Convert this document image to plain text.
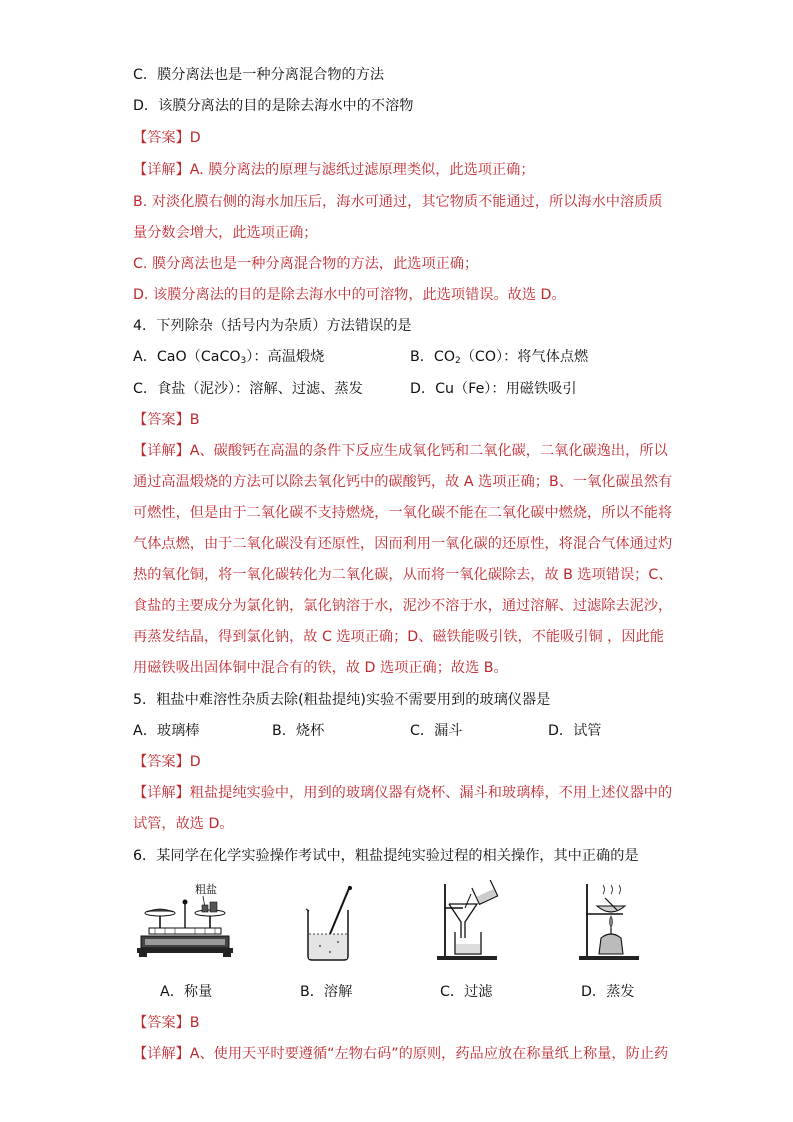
C．膜分离法也是一种分离混合物的方法
D．该膜分离法的目的是除去海水中的不溶物
【答案】D
【详解】A. 膜分离法的原理与滤纸过滤原理类似，此选项正确；
B. 对淡化膜右侧的海水加压后，海水可通过，其它物质不能通过，所以海水中溶质质
量分数会增大，此选项正确；
C. 膜分离法也是一种分离混合物的方法，此选项正确；
D. 该膜分离法的目的是除去海水中的可溶物，此选项错误。故选 D。
4．下列除杂（括号内为杂质）方法错误的是
A．CaO（CaCO$_3$）：高温煅烧	B．$CO_2(CO)$：将气体点燃
C．食盐（泥沙）：溶解、过滤、蒸发	D．Cu（Fe）：用磁铁吸引
【答案】B
【详解】A、碳酸钙在高温的条件下反应生成氧化钙和二氧化碳，二氧化碳逸出，所以
通过高温煅烧的方法可以除去氧化钙中的碳酸钙，故 A 选项正确；B、一氧化碳虽然有
可燃性，但是由于二氧化碳不支持燃烧，一氧化碳不能在二氧化碳中燃烧，所以不能将
气体点燃，由于二氧化碳没有还原性，因而利用一氧化碳的还原性，将混合气体通过灼
热的氧化铜，将一氧化碳转化为二氧化碳，从而将一氧化碳除去，故 B 选项错误；C、
食盐的主要成分为氯化钠，氯化钠溶于水，泥沙不溶于水，通过溶解、过滤除去泥沙，
再蒸发结晶，得到氯化钠，故 C 选项正确；D、磁铁能吸引铁，不能吸引铜 ，因此能
用磁铁吸出固体铜中混合有的铁，故 D 选项正确；故选 B。
5．粗盐中难溶性杂质去除(粗盐提纯)实验不需要用到的玻璃仪器是
A．玻璃棒	B．烧杯	C．漏斗	D．试管
【答案】D
【详解】粗盐提纯实验中，用到的玻璃仪器有烧杯、漏斗和玻璃棒，不用上述仪器中的
试管，故选 D。
6．某同学在化学实验操作考试中，粗盐提纯实验过程的相关操作，其中正确的是
粗盐
A．称量	B．溶解	C．过滤	D．蒸发
【答案】B
【详解】A、使用天平时要遵循“左物右码”的原则，药品应放在称量纸上称量，防止药
